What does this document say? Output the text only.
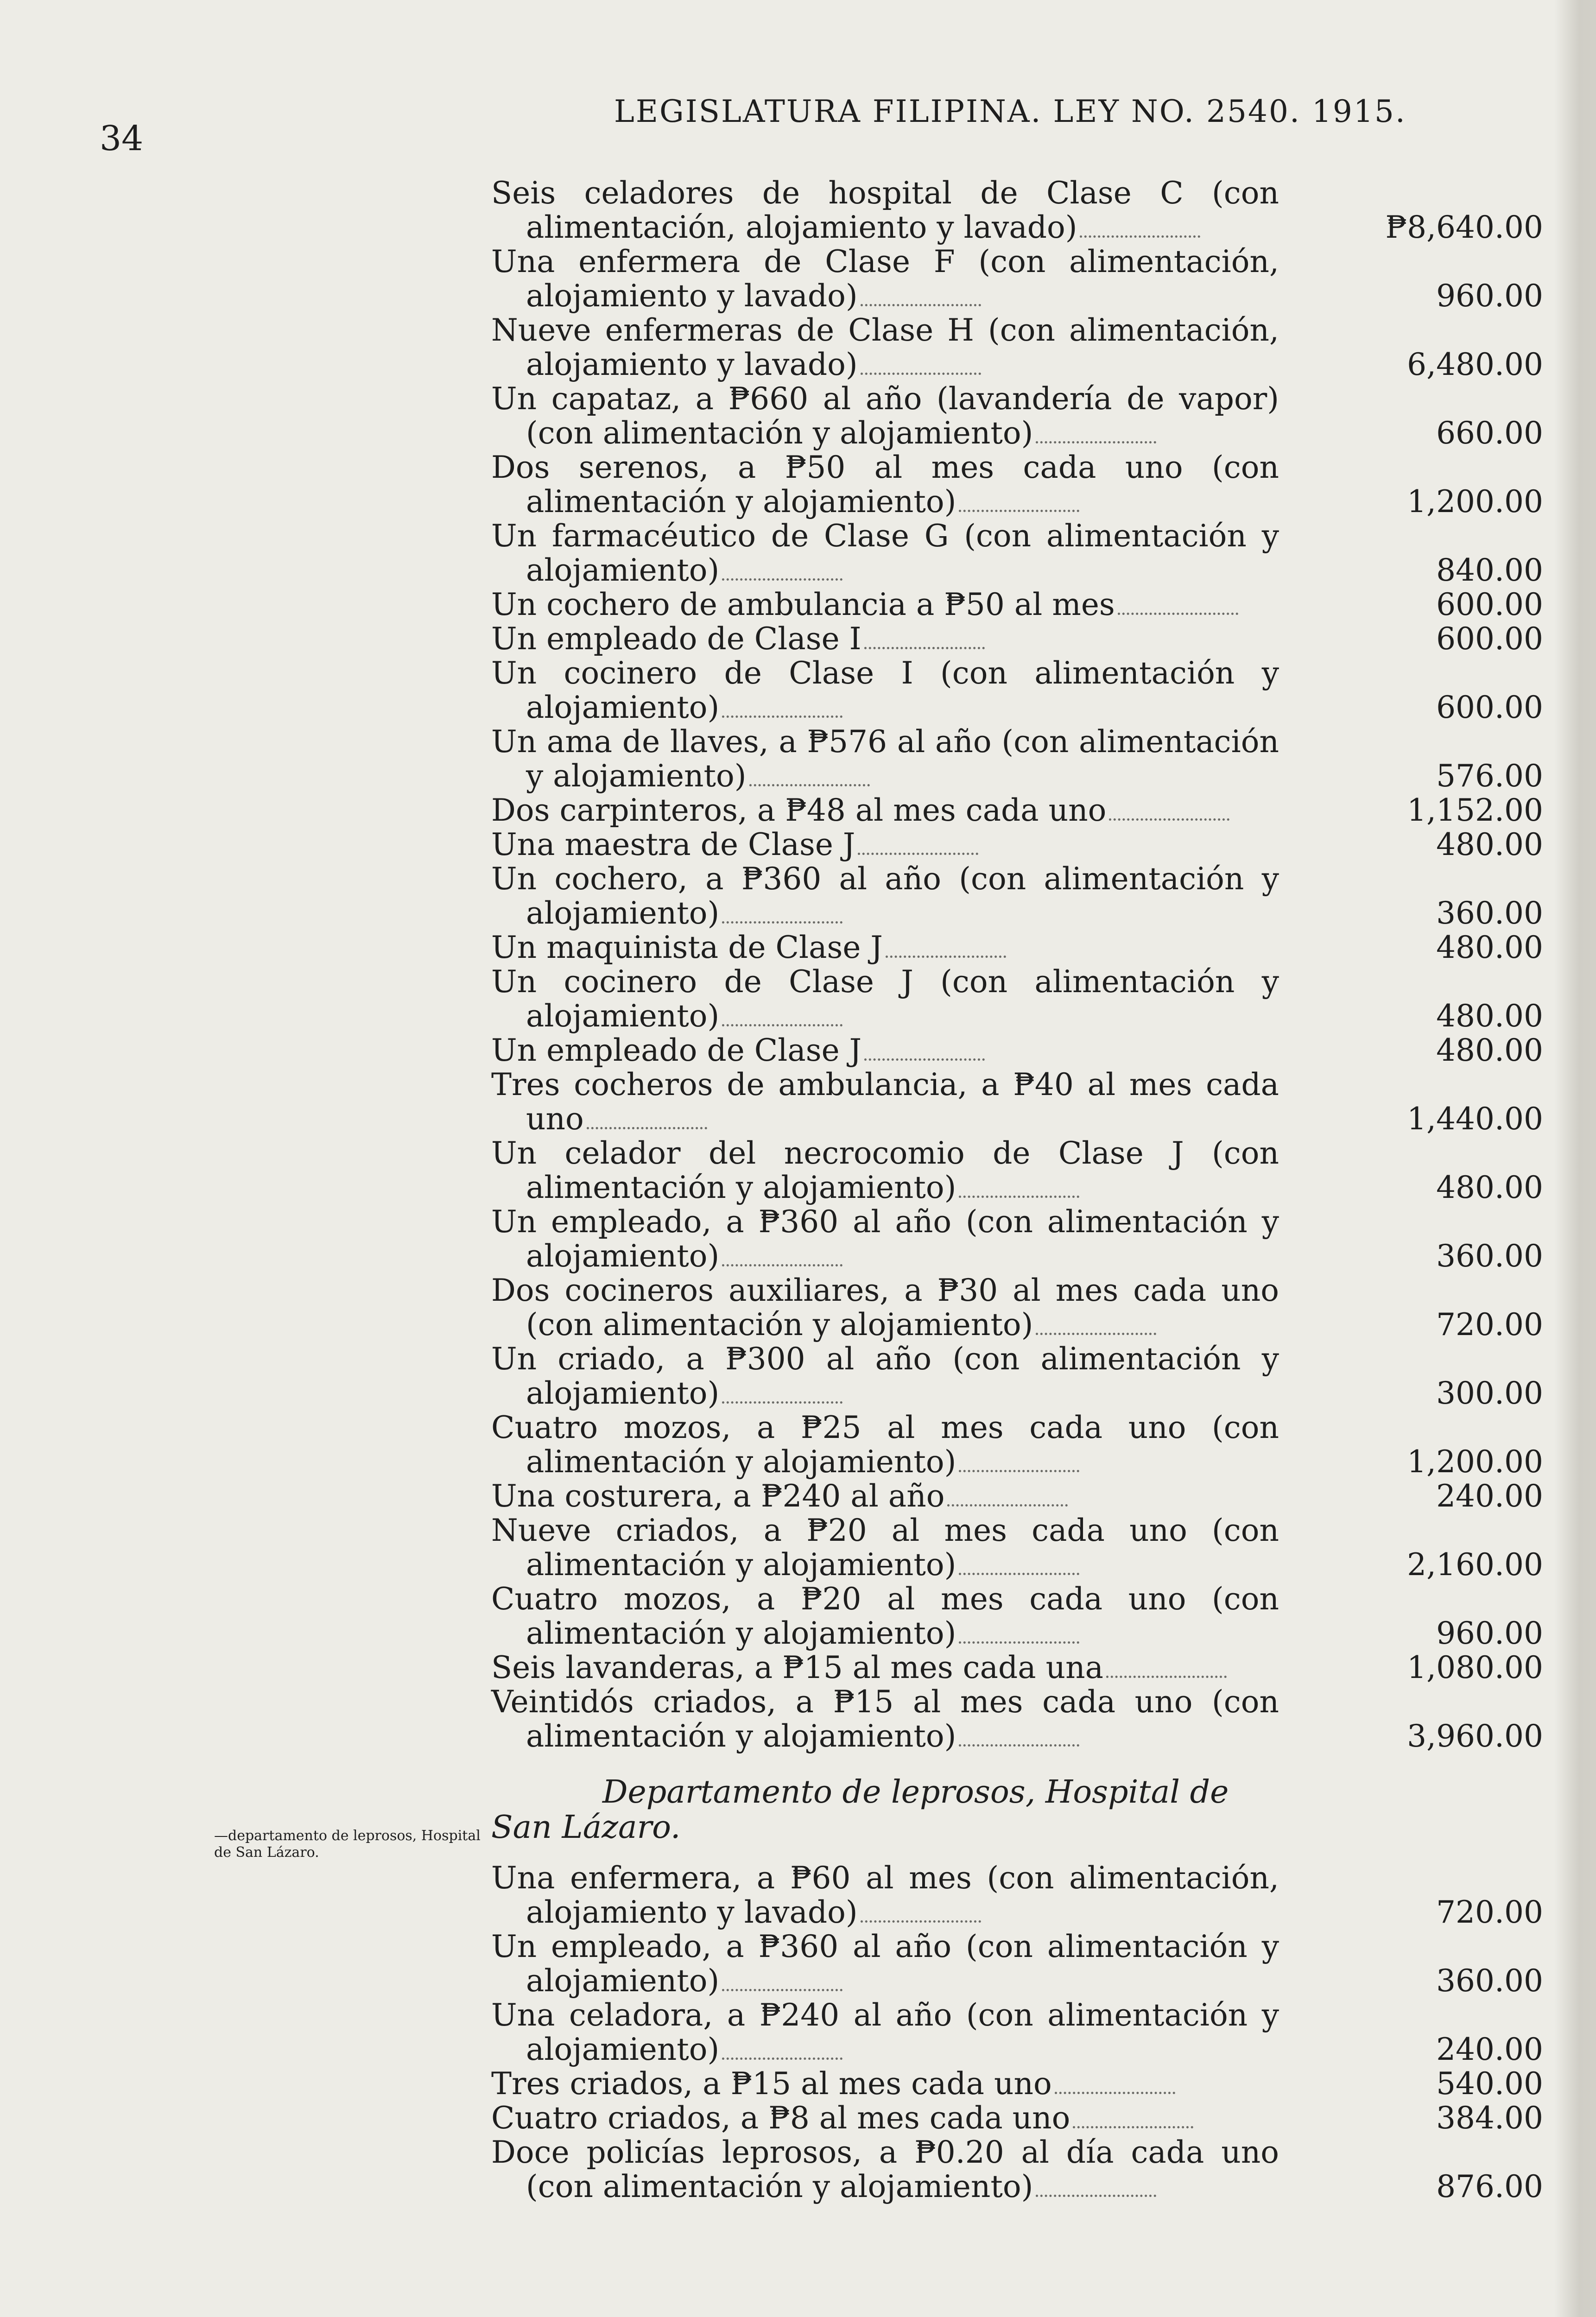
34
LEGISLATURA FILIPINA. LEY NO. 2540. 1915.
Seis celadores de hospital de Clase C (con alimentación, alojamiento y lavado)	₱8,640.00
Una enfermera de Clase F (con alimentación, alojamiento y lavado)	960.00
Nueve enfermeras de Clase H (con alimentación, alojamiento y lavado)	6,480.00
Un capataz, a ₱660 al año (lavandería de vapor) (con alimentación y alojamiento)	660.00
Dos serenos, a ₱50 al mes cada uno (con alimentación y alojamiento)	1,200.00
Un farmacéutico de Clase G (con alimentación y alojamiento)	840.00
Un cochero de ambulancia a ₱50 al mes	600.00
Un empleado de Clase I	600.00
Un cocinero de Clase I (con alimentación y alojamiento)	600.00
Un ama de llaves, a ₱576 al año (con alimentación y alojamiento)	576.00
Dos carpinteros, a ₱48 al mes cada uno	1,152.00
Una maestra de Clase J	480.00
Un cochero, a ₱360 al año (con alimentación y alojamiento)	360.00
Un maquinista de Clase J	480.00
Un cocinero de Clase J (con alimentación y alojamiento)	480.00
Un empleado de Clase J	480.00
Tres cocheros de ambulancia, a ₱40 al mes cada uno	1,440.00
Un celador del necrocomio de Clase J (con alimentación y alojamiento)	480.00
Un empleado, a ₱360 al año (con alimentación y alojamiento)	360.00
Dos cocineros auxiliares, a ₱30 al mes cada uno (con alimentación y alojamiento)	720.00
Un criado, a ₱300 al año (con alimentación y alojamiento)	300.00
Cuatro mozos, a ₱25 al mes cada uno (con alimentación y alojamiento)	1,200.00
Una costurera, a ₱240 al año	240.00
Nueve criados, a ₱20 al mes cada uno (con alimentación y alojamiento)	2,160.00
Cuatro mozos, a ₱20 al mes cada uno (con alimentación y alojamiento)	960.00
Seis lavanderas, a ₱15 al mes cada una	1,080.00
Veintidós criados, a ₱15 al mes cada uno (con alimentación y alojamiento)	3,960.00
Departamento de leprosos, Hospital de San Lázaro.
Una enfermera, a ₱60 al mes (con alimentación, alojamiento y lavado)	720.00
Un empleado, a ₱360 al año (con alimentación y alojamiento)	360.00
Una celadora, a ₱240 al año (con alimentación y alojamiento)	240.00
Tres criados, a ₱15 al mes cada uno	540.00
Cuatro criados, a ₱8 al mes cada uno	384.00
Doce policías leprosos, a ₱0.20 al día cada uno (con alimentación y alojamiento)	876.00
—departamento de leprosos, Hospital de San Lázaro.
